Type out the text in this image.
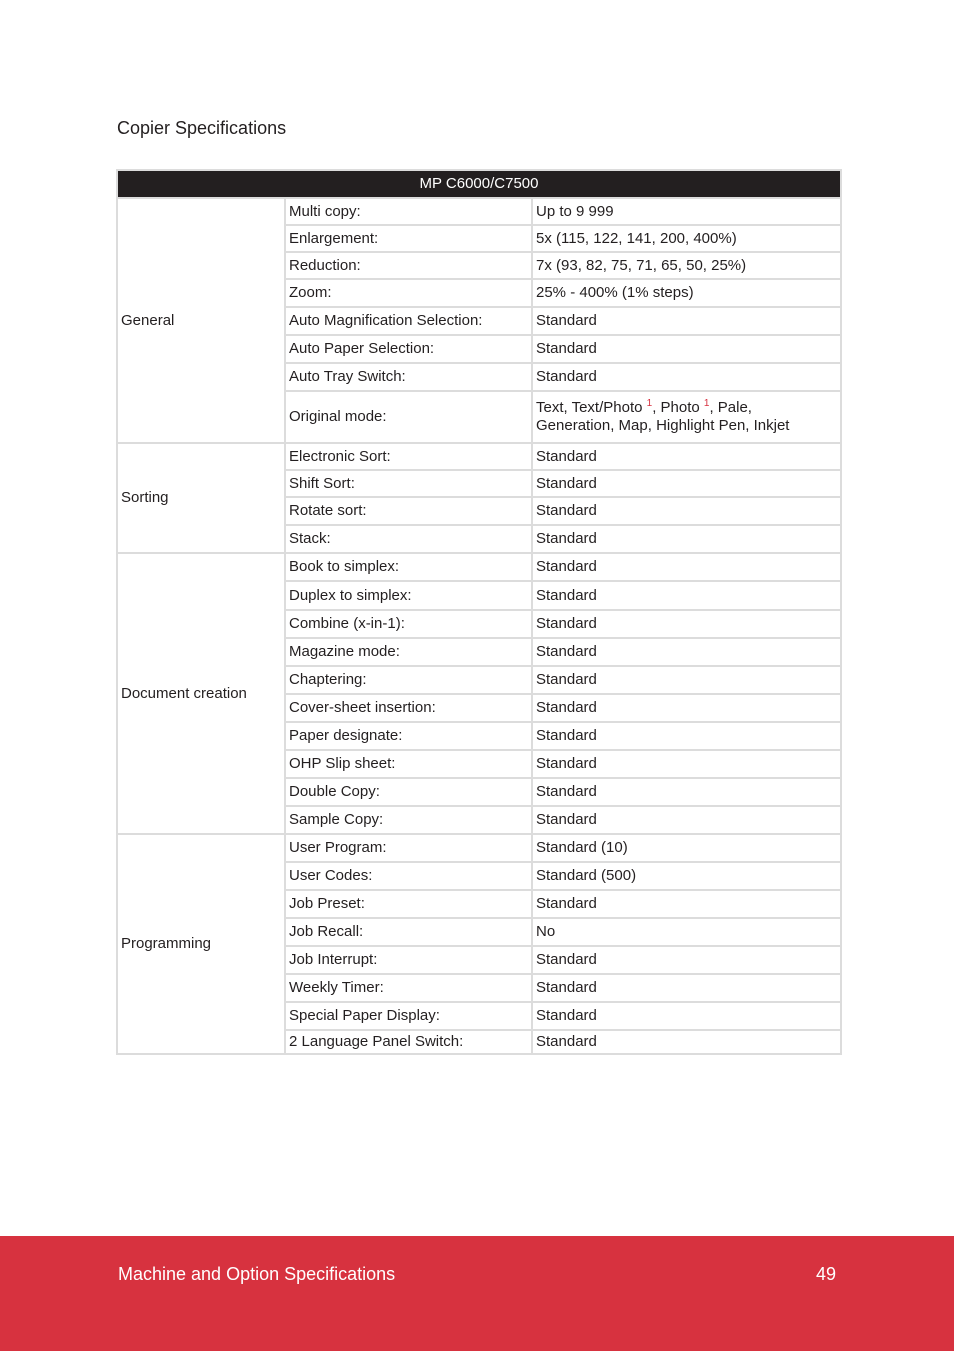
Copier Specifications
MP C6000/C7500		
General	Multi copy:	Up to 9 999
	Enlargement:	5x (115, 122, 141, 200, 400%)
	Reduction:	7x (93, 82, 75, 71, 65, 50, 25%)
	Zoom:	25% - 400% (1% steps)
	Auto Magnification Selection:	Standard
	Auto Paper Selection:	Standard
	Auto Tray Switch:	Standard
	Original mode:	Text, Text/Photo $^1$, Photo $^1$, Pale,
Generation, Map, Highlight Pen, Inkjet
Sorting	Electronic Sort:	Standard
	Shift Sort:	Standard
	Rotate sort:	Standard
	Stack:	Standard
Document creation	Book to simplex:	Standard
	Duplex to simplex:	Standard
	Combine (x-in-1):	Standard
	Magazine mode:	Standard
	Chaptering:	Standard
	Cover-sheet insertion:	Standard
	Paper designate:	Standard
	OHP Slip sheet:	Standard
	Double Copy:	Standard
	Sample Copy:	Standard
Programming	User Program:	Standard (10)
	User Codes:	Standard (500)
	Job Preset:	Standard
	Job Recall:	No
	Job Interrupt:	Standard
	Weekly Timer:	Standard
	Special Paper Display:	Standard
	2 Language Panel Switch:	Standard
Machine and Option Specifications	49
